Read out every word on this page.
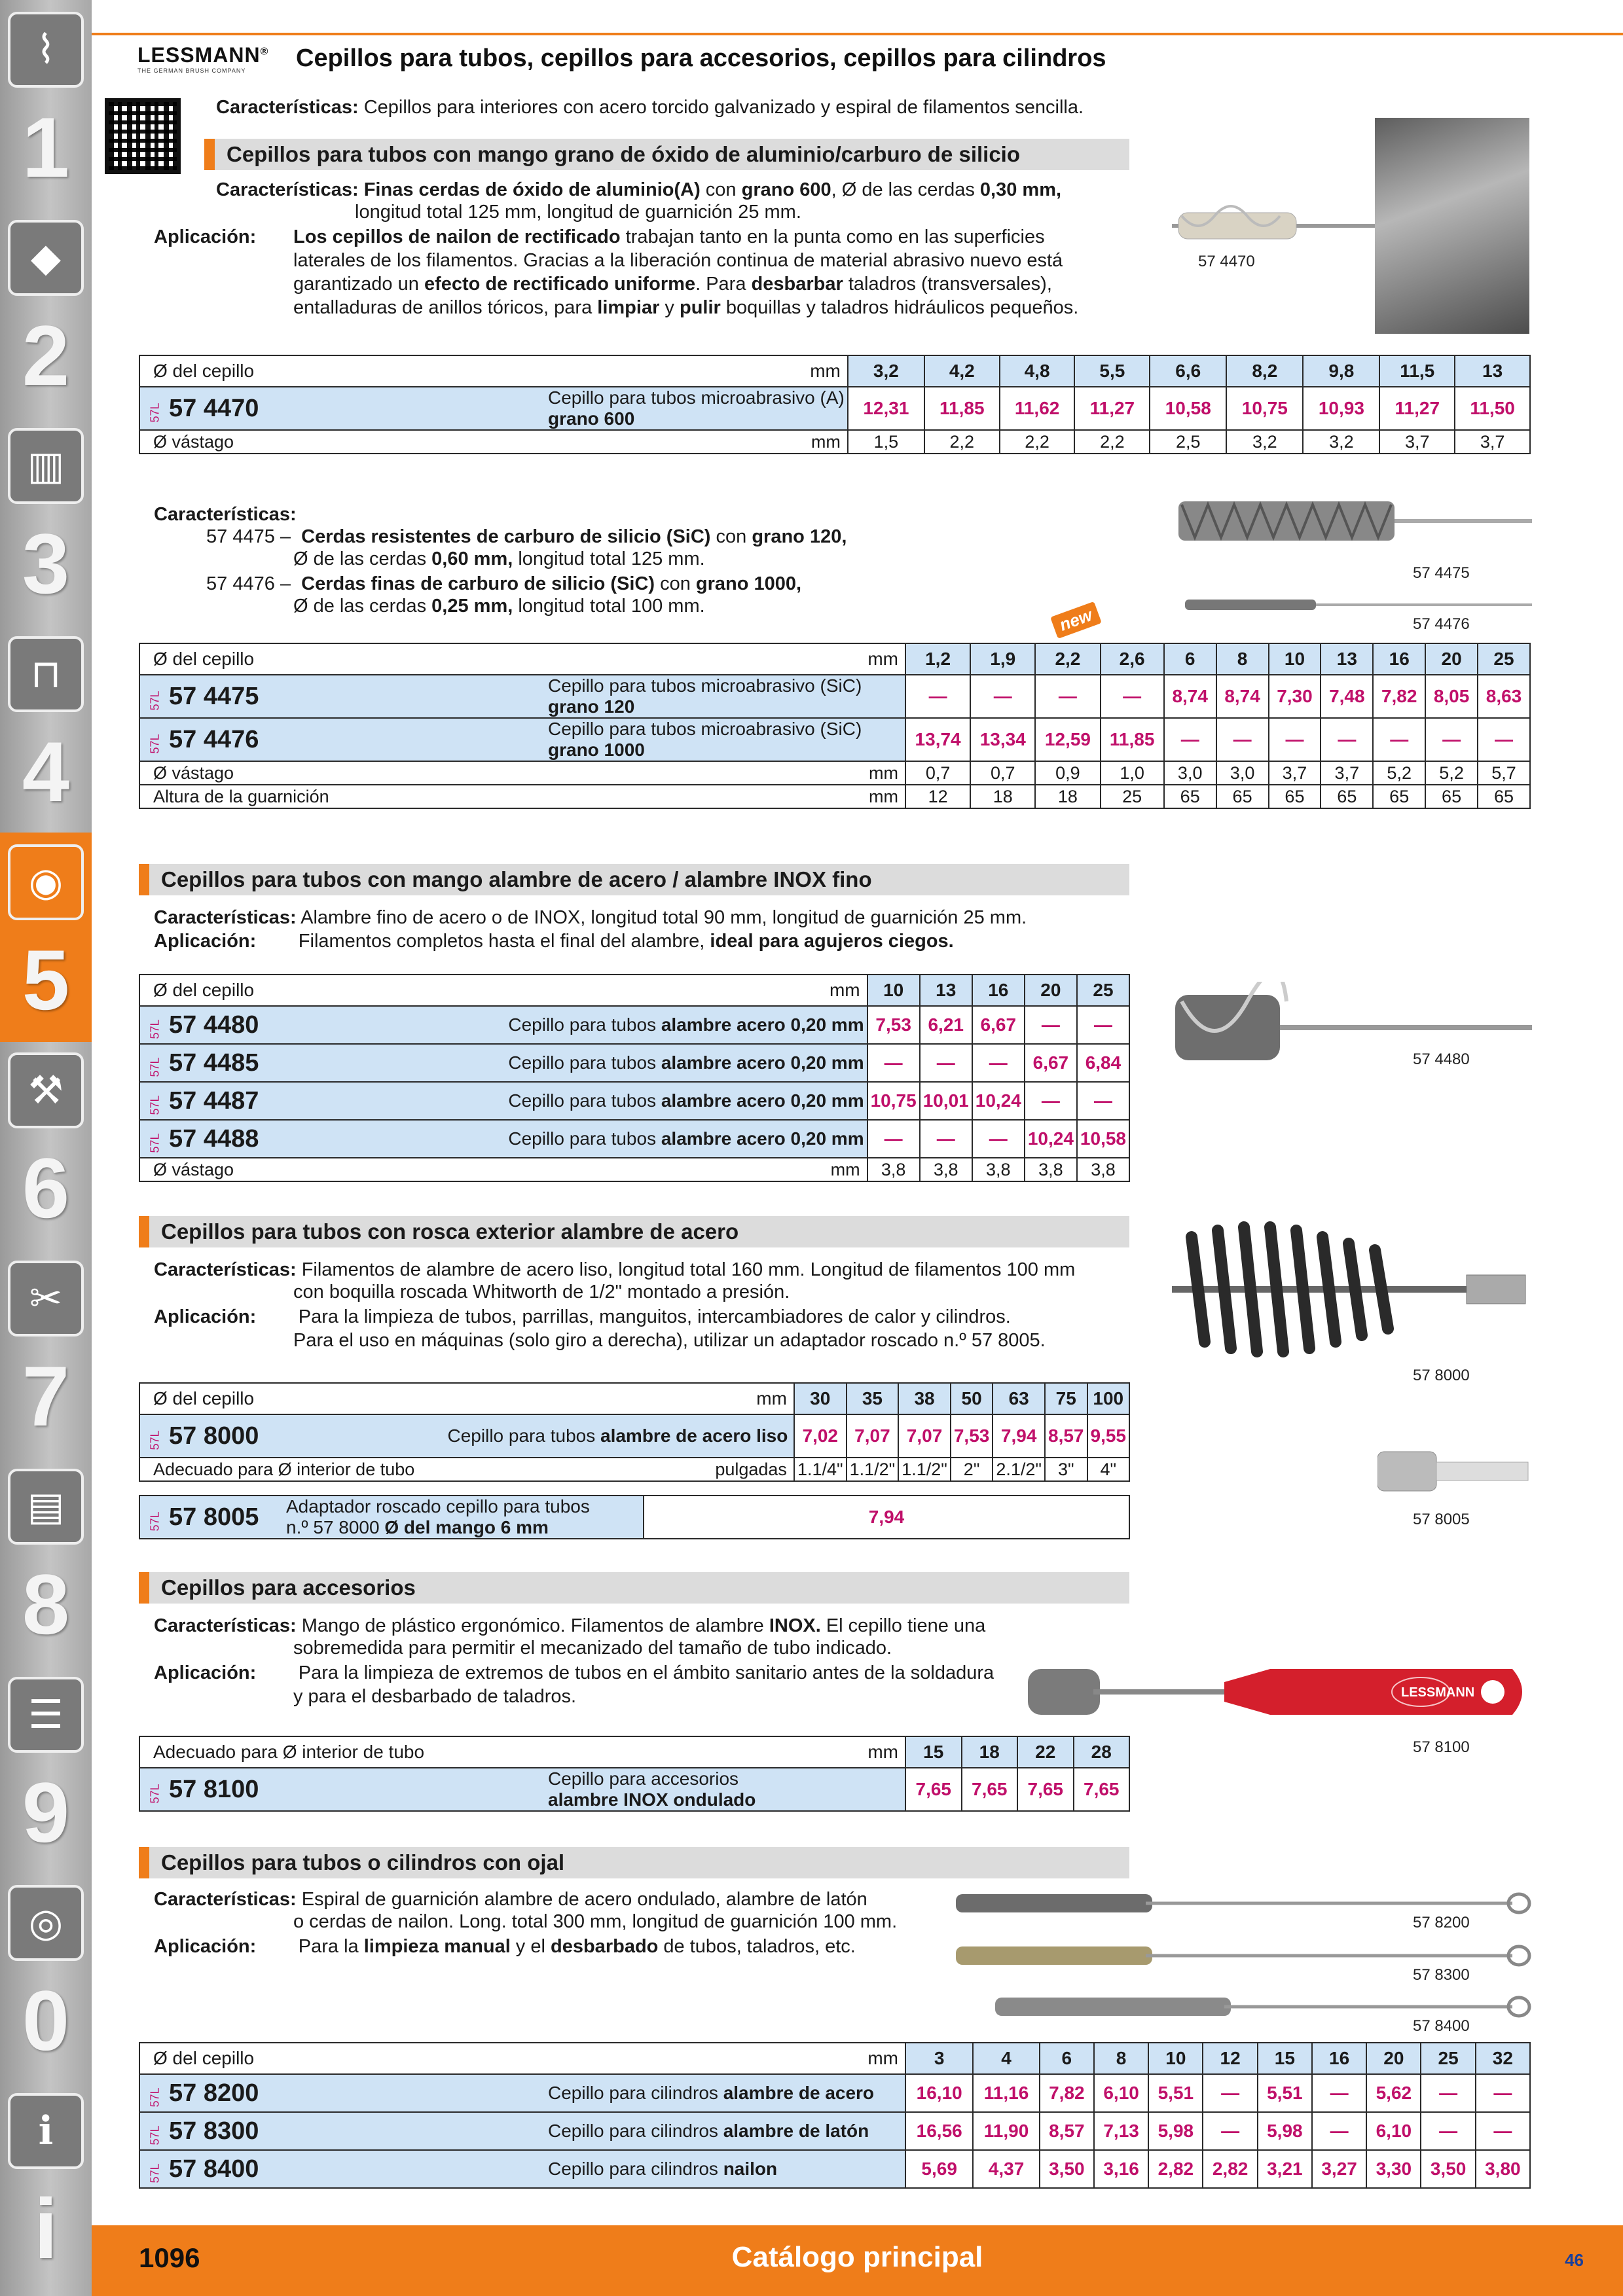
⌇
1
◆
2
▥
3
⊓
4
◉
5
⚒
6
✂
7
▤
8
☰
9
◎
0
ℹ
i
LESSMANN®
THE GERMAN BRUSH COMPANY	Cepillos para tubos, cepillos para accesorios, cepillos para cilindros
Características: Cepillos para interiores con acero torcido galvanizado y espiral de filamentos sencilla.
Cepillos para tubos con mango grano de óxido de aluminio/carburo de silicio
Características: Finas cerdas de óxido de aluminio(A) con grano 600, Ø de las cerdas 0,30 mm,
longitud total 125 mm, longitud de guarnición 25 mm.
Aplicación: Los cepillos de nailon de rectificado trabajan tanto en la punta como en las superficies
laterales de los filamentos. Gracias a la liberación continua de material abrasivo nuevo está
garantizado un efecto de rectificado uniforme. Para desbarbar taladros (transversales),
entalladuras de anillos tóricos, para limpiar y pulir boquillas y taladros hidráulicos pequeños.
57 4470
Ø del cepillo	mm	3,2	4,2	4,8	5,5	6,6	8,2	9,8	11,5	13
57L 57 4470	Cepillo para tubos microabrasivo (A)
grano 600	12,31	11,85	11,62	11,27	10,58	10,75	10,93	11,27	11,50
Ø vástago	mm	1,5	2,2	2,2	2,2	2,5	3,2	3,2	3,7	3,7
Características:
57 4475 – Cerdas resistentes de carburo de silicio (SiC) con grano 120,
Ø de las cerdas 0,60 mm, longitud total 125 mm.
57 4476 – Cerdas finas de carburo de silicio (SiC) con grano 1000,
Ø de las cerdas 0,25 mm, longitud total 100 mm.
57 4475
57 4476
new
Ø del cepillo	mm	1,2	1,9	2,2	2,6	6	8	10	13	16	20	25
57L 57 4475	Cepillo para tubos microabrasivo (SiC)
grano 120	—	—	—	—	8,74	8,74	7,30	7,48	7,82	8,05	8,63
57L 57 4476	Cepillo para tubos microabrasivo (SiC)
grano 1000	13,74	13,34	12,59	11,85	—	—	—	—	—	—	—
Ø vástago	mm	0,7	0,7	0,9	1,0	3,0	3,0	3,7	3,7	5,2	5,2	5,7
Altura de la guarnición	mm	12	18	18	25	65	65	65	65	65	65	65
Cepillos para tubos con mango alambre de acero / alambre INOX fino
Características: Alambre fino de acero o de INOX, longitud total 90 mm, longitud de guarnición 25 mm.
Aplicación: Filamentos completos hasta el final del alambre, ideal para agujeros ciegos.
57 4480
Ø del cepillo	mm	10	13	16	20	25
57L 57 4480	Cepillo para tubos alambre acero 0,20 mm	7,53	6,21	6,67	—	—
57L 57 4485	Cepillo para tubos alambre acero 0,20 mm	—	—	—	6,67	6,84
57L 57 4487	Cepillo para tubos alambre acero 0,20 mm	10,75	10,01	10,24	—	—
57L 57 4488	Cepillo para tubos alambre acero 0,20 mm	—	—	—	10,24	10,58
Ø vástago	mm	3,8	3,8	3,8	3,8	3,8
Cepillos para tubos con rosca exterior alambre de acero
Características: Filamentos de alambre de acero liso, longitud total 160 mm. Longitud de filamentos 100 mm
con boquilla roscada Whitworth de 1/2" montado a presión.
Aplicación: Para la limpieza de tubos, parrillas, manguitos, intercambiadores de calor y cilindros.
Para el uso en máquinas (solo giro a derecha), utilizar un adaptador roscado n.º 57 8005.
57 8000
57 8005
Ø del cepillo	mm	30	35	38	50	63	75	100
57L 57 8000	Cepillo para tubos alambre de acero liso	7,02	7,07	7,07	7,53	7,94	8,57	9,55
Adecuado para Ø interior de tubo	pulgadas	1.1/4"	1.1/2"	1.1/2"	2"	2.1/2"	3"	4"
57L 57 8005	Adaptador roscado cepillo para tubos
n.º 57 8000 Ø del mango 6 mm	7,94
Cepillos para accesorios
Características: Mango de plástico ergonómico. Filamentos de alambre INOX. El cepillo tiene una
sobremedida para permitir el mecanizado del tamaño de tubo indicado.
Aplicación: Para la limpieza de extremos de tubos en el ámbito sanitario antes de la soldadura
y para el desbarbado de taladros.	LESSMANN
57 8100
Adecuado para Ø interior de tubo	mm	15	18	22	28
57L 57 8100	Cepillo para accesorios
alambre INOX ondulado	7,65	7,65	7,65	7,65
Cepillos para tubos o cilindros con ojal
Características: Espiral de guarnición alambre de acero ondulado, alambre de latón
o cerdas de nailon. Long. total 300 mm, longitud de guarnición 100 mm.
Aplicación: Para la limpieza manual y el desbarbado de tubos, taladros, etc.
57 8200
57 8300
57 8400
Ø del cepillo	mm	3	4	6	8	10	12	15	16	20	25	32
57L 57 8200	Cepillo para cilindros alambre de acero	16,10	11,16	7,82	6,10	5,51	—	5,51	—	5,62	—	—
57L 57 8300	Cepillo para cilindros alambre de latón	16,56	11,90	8,57	7,13	5,98	—	5,98	—	6,10	—	—
57L 57 8400	Cepillo para cilindros nailon	5,69	4,37	3,50	3,16	2,82	2,82	3,21	3,27	3,30	3,50	3,80
1096	Catálogo principal	46
